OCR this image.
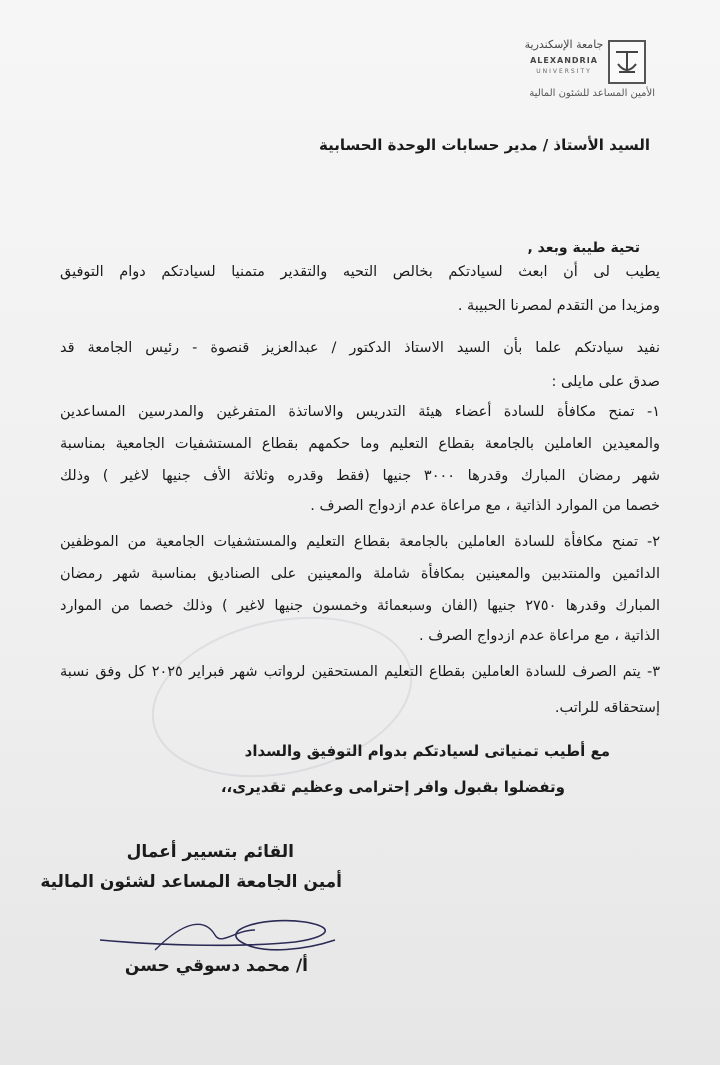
جامعة الإسكندرية
ALEXANDRIA
UNIVERSITY
الأمين المساعد للشئون المالية
السيد الأستاذ / مدير حسابات الوحدة الحسابية
تحية طيبة وبعد ,
يطيب لى أن ابعث لسيادتكم بخالص التحيه والتقدير متمنيا لسيادتكم دوام التوفيق
ومزيدا من التقدم لمصرنا الحبيبة .
نفيد سيادتكم علما بأن السيد الاستاذ الدكتور / عبدالعزيز قنصوة - رئيس الجامعة قد
صدق على مايلى :
١- تمنح مكافأة للسادة أعضاء هيئة التدريس والاساتذة المتفرغين والمدرسين المساعدين
والمعيدين العاملين بالجامعة بقطاع التعليم وما حكمهم بقطاع المستشفيات الجامعية بمناسبة
شهر رمضان المبارك وقدرها ٣٠٠٠ جنيها (فقط وقدره وثلاثة الأف جنيها لاغير ) وذلك
خصما من الموارد الذاتية ، مع مراعاة عدم ازدواج الصرف .
٢- تمنح مكافأة للسادة العاملين بالجامعة بقطاع التعليم والمستشفيات الجامعية من الموظفين
الدائمين والمنتدبين والمعينين بمكافأة شاملة والمعينين على الصناديق بمناسبة شهر رمضان
المبارك وقدرها ٢٧٥٠ جنيها (الفان وسبعمائة وخمسون جنيها لاغير ) وذلك خصما من الموارد
الذاتية ، مع مراعاة عدم ازدواج الصرف .
٣- يتم الصرف للسادة العاملين بقطاع التعليم المستحقين لرواتب شهر فبراير ٢٠٢٥ كل وفق نسبة
إستحقاقه للراتب.
مع أطيب تمنياتى لسيادتكم بدوام التوفيق والسداد
وتفضلوا بقبول وافر إحترامى وعظيم تقديرى،،
القائم بتسيير أعمال
أمين الجامعة المساعد لشئون المالية
أ/ محمد دسوقي حسن
